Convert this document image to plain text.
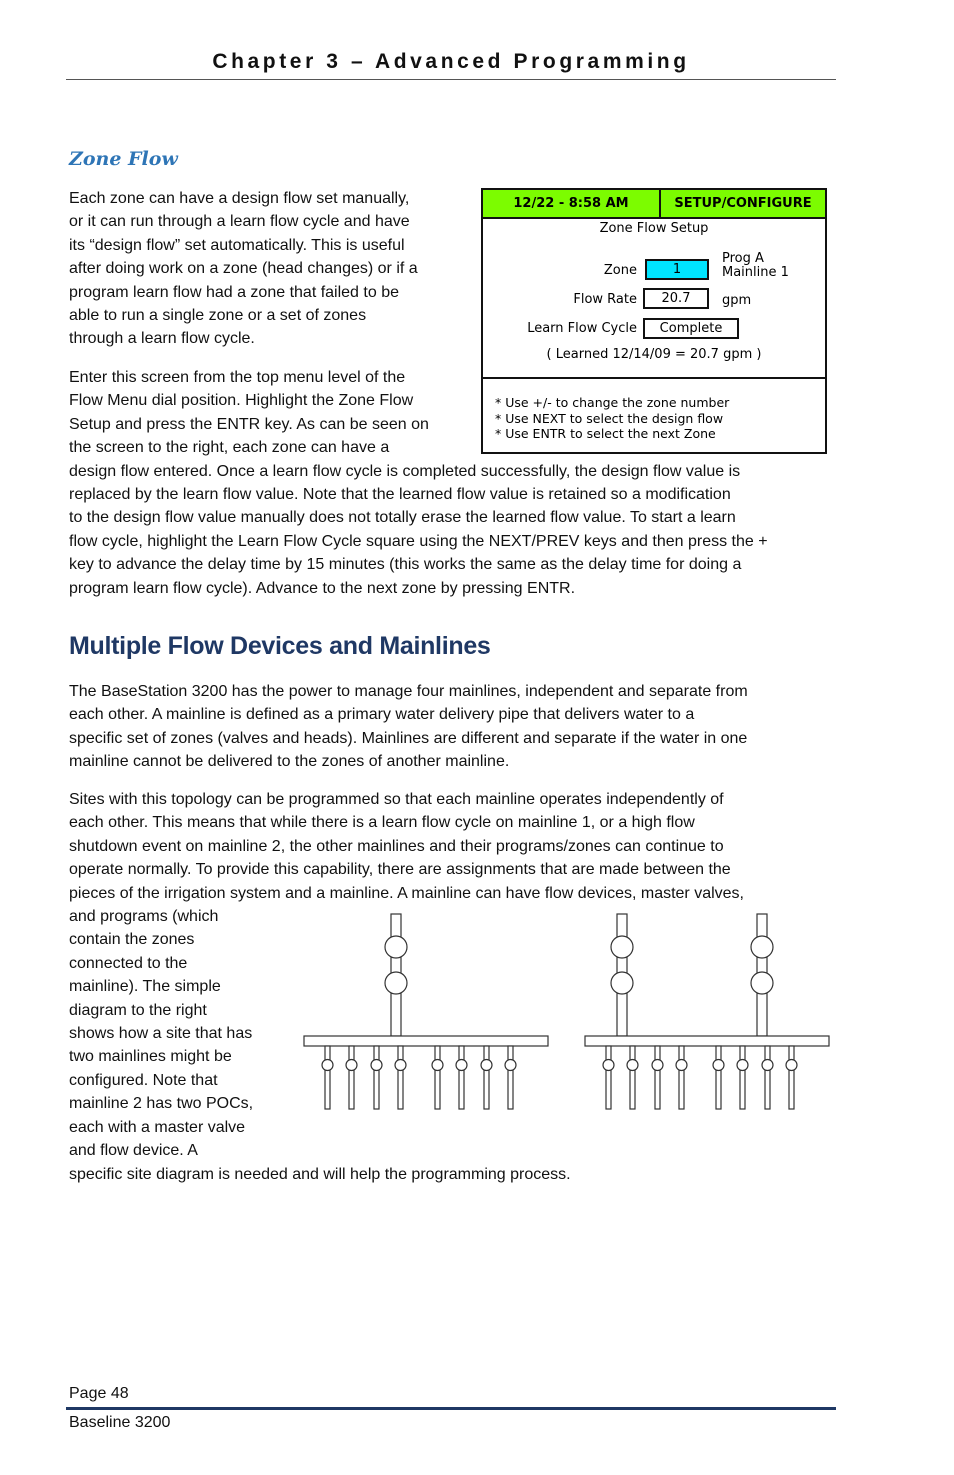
Chapter 3 – Advanced Programming
Zone Flow
Each zone can have a design flow set manually,
or it can run through a learn flow cycle and have
its “design flow” set automatically. This is useful
after doing work on a zone (head changes) or if a
program learn flow had a zone that failed to be
able to run a single zone or a set of zones
through a learn flow cycle.
Enter this screen from the top menu level of the
Flow Menu dial position. Highlight the Zone Flow
Setup and press the ENTR key. As can be seen on
the screen to the right, each zone can have a
design flow entered. Once a learn flow cycle is completed successfully, the design flow value is
replaced by the learn flow value. Note that the learned flow value is retained so a modification
to the design flow value manually does not totally erase the learned flow value. To start a learn
flow cycle, highlight the Learn Flow Cycle square using the NEXT/PREV keys and then press the +
key to advance the delay time by 15 minutes (this works the same as the delay time for doing a
program learn flow cycle). Advance to the next zone by pressing ENTR.
12/22 - 8:58 AM	SETUP/CONFIGURE
Zone Flow Setup
Zone	1
Prog A
Mainline 1
Flow Rate	20.7	gpm
Learn Flow Cycle	Complete
( Learned 12/14/09 = 20.7 gpm )
* Use +/- to change the zone number
* Use NEXT to select the design flow
* Use ENTR to select the next Zone
Multiple Flow Devices and Mainlines
The BaseStation 3200 has the power to manage four mainlines, independent and separate from
each other. A mainline is defined as a primary water delivery pipe that delivers water to a
specific set of zones (valves and heads). Mainlines are different and separate if the water in one
mainline cannot be delivered to the zones of another mainline.
Sites with this topology can be programmed so that each mainline operates independently of
each other. This means that while there is a learn flow cycle on mainline 1, or a high flow
shutdown event on mainline 2, the other mainlines and their programs/zones can continue to
operate normally. To provide this capability, there are assignments that are made between the
pieces of the irrigation system and a mainline. A mainline can have flow devices, master valves,
and programs (which
contain the zones
connected to the
mainline). The simple
diagram to the right
shows how a site that has
two mainlines might be
configured. Note that
mainline 2 has two POCs,
each with a master valve
and flow device. A
specific site diagram is needed and will help the programming process.
Page 48
Baseline 3200
